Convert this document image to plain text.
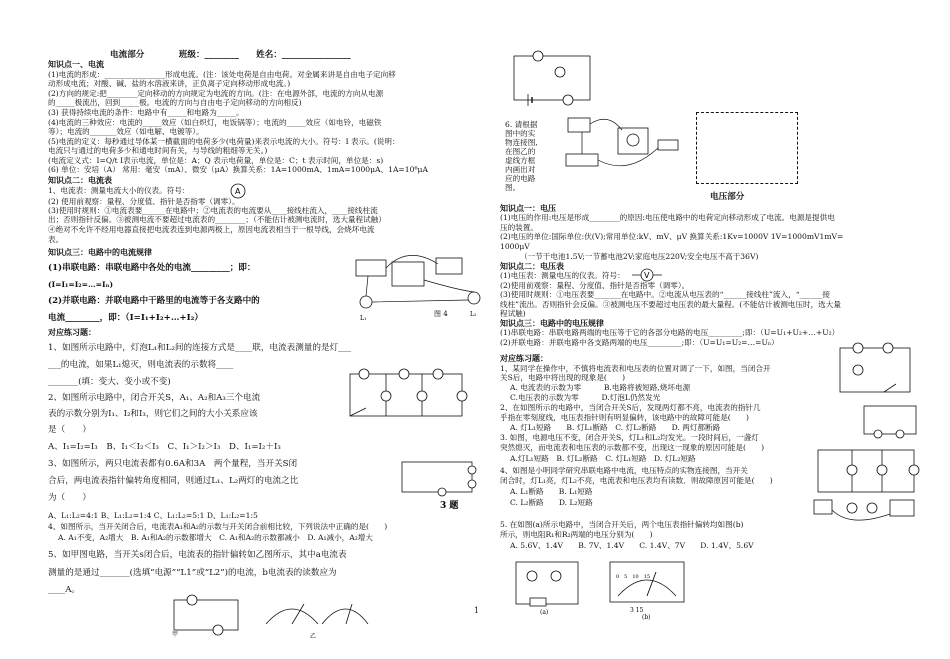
电流部分　　　　班级：________　　姓名：________________
知识点一、电流
(1)电流的形成：________________形成电流。(注：该处电荷是自由电荷。对金属来讲是自由电子定向移
动形成电流；对酸、碱、盐的水溶液来讲，正负离子定向移动形成电流。)
(2)方向的规定:把________定向移动的方向规定为电流的方向。(注：在电源外部，电流的方向从电源
的_____极流出，回到_____极。电流的方向与自由电子定向移动的方向相反)
(3) 获得持续电流的条件：电路中有_____和电路为_____。
(4)电流的三种效应：电流的_____效应（如白炽灯，电饭锅等）；电流的_____效应（如电铃，电磁铁
等）；电流的_______效应（如电解、电镀等）。
(5)电流的定义：每秒通过导体某一横截面的电荷多少(电荷量)来表示电流的大小。符号：I 表示。(说明：
电流只与通过的电荷多少和通电时间有关，与导线的粗细等无关。)
(电流定义式：I=Q/t I表示电流，单位是：A；Q 表示电荷量，单位是：C；t 表示时间，单位是：s)
(6) 单位：安培（A） 常用：毫安（mA）、微安（μA）换算关系：1A=1000mA、1mA=1000μA、1A=10⁶μA
知识点二：电流表
1、电流表：测量电流大小的仪表。符号：	A
(2) 使用前观察：量程、分度值、指针是否指零（调零）。
(3)使用时规则：①电流表要______在电路中；②电流表的电流要从____接线柱流入，____接线柱流
出；否则指针反偏。③被测电流不要超过电流表的________；（不能估计被测电流时，选大量程试触）
④绝对不允许不经用电器直接把电流表连到电源两极上，原因电流表相当于一根导线，会烧坏电流
表。
知识点三：电路中的电流规律
(1)串联电路：串联电路中各处的电流_________；即：
(I=I₁=I₂=…=Iₙ)
(2)并联电路：并联电路中干路里的电流等于各支路中的
电流________，即：（I=I₁+I₂+…+I₂）	L₁
L₂
图 4
对应练习题：
1、如图所示电路中，灯泡L₁和L₂间的连接方式是____联，电流表测量的是灯___
___的电流，如果L₁熄灭，则电流表的示数将____
_______(填：变大、变小或不变)
2、如图所示电路中，闭合开关S，A₁、A₂和A₃三个电流
表的示数分别为I₁、I₂和I₃，则它们之间的大小关系应该
是（　　）
A、I₁=I₂=I₃　B、I₁＜I₂＜I₃　C、I₁＞I₂＞I₃　D、I₁=I₂＋I₃
3、如图所示，两只电流表都有0.6A和3A　两个量程，当开关S闭
合后，两电流表指针偏转角度相同，则通过L₁、L₂两灯的电流之比
为（　　）
3 题
A、L₁:L₂=4:1 B、L₁:L₂=1:4 C、L₁:L₂=5:1 D、L₁:L₂=1:5
4、如图所示，当开关闭合后，电流表A₁和A₂的示数与开关闭合前相比较，下列说法中正确的是(　　)
A. A₁不变，A₂增大　B. A₁和A₂的示数都增大　C. A₁和A₂的示数都减小　D. A₁减小，A₂增大
5、如甲图电路，当开关s闭合后，电流表的指针偏转如乙图所示，其中a电流表
测量的是通过_______(选填“电源”“L1”或“L2”)的电流，b电流表的读数应为
____A。
甲	乙
6. 请根据
图中的实
物连接图,
在图乙的
虚线方框
内画出对
应的电路
图。
电压部分
知识点一：电压
(1)电压的作用:电压是形成________的原因:电压使电路中的电荷定向移动形成了电流。电源是提供电
压的装置。
(2)电压的单位:国际单位:伏(V);常用单位:kV、mV、μV 换算关系:1Kv=1000V 1V=1000mV1mV=
1000μV
（一节干电池1.5V;一节蓄电池2V;家庭电压220V;安全电压不高于36V)
知识点二：电压表
(1)电压表：测量电压的仪表。符号： V
(2)使用前观察：量程、分度值、指针是否指零（调零）。
(3)使用时规则：①电压表要_______在电路中。②电流从电压表的“______接线柱”流入，“______接
线柱”流出。否则指针会反偏。③被测电压不要超过电压表的最大量程。(不能估计被测电压时，选大量
程试触)
知识点三：电路中的电压规律
(1)串联电路：串联电路两端的电压等于它的各部分电路的电压_________;即：（U=U₁+U₂+…+U₂）
(2)并联电路：并联电路中各支路两端的电压_________;即：（U=U₁=U₂=…=Uₙ）
对应练习题：
1、某同学在操作中，不慎将电流表和电压表的位置对调了一下，如图，当闭合开
关S后，电路中将出现的现象是(　　)
A. 电流表的示数为零　　　B.电路将被短路,烧坏电源
C.电压表的示数为零　　　D.灯泡L仍然发光
2、在如图所示的电路中，当闭合开关S后，发现两灯都不亮，电流表的指针几
乎指在零刻度线，电压表指针则有明显偏转，该电路中的故障可能是(　　)
A. 灯L₁短路　　B. 灯L₁断路　C. 灯L₂断路　　D. 两灯都断路
3. 如图，电源电压不变，闭合开关S，灯L₁和L₂均发光。一段时间后，一盏灯
突然熄灭，而电流表和电压表的示数都不变，出现这一现象的原因可能是(　　)
A.灯L₁短路　B. 灯L₂断路　C. 灯L₁短路　D. 灯L₂短路
4、如图是小明同学研究串联电路中电流，电压特点的实物连接图，当开关
闭合时，灯L₁亮，灯L₂不亮，电流表和电压表均有读数．则故障原因可能是(　　)
A. L₁断路　　B. L₁短路
C. L₂断路　　D. L₂短路
5. 在如图(a)所示电路中，当闭合开关后，两个电压表指针偏转均如图(b)
所示，则电阻R₁和R₂两端的电压分别为(　　)
A. 5.6V、1.4V　　B. 7V、1.4V　　C. 1.4V、7V　　D. 1.4V、5.6V
(a)
0　5　10　15
3 15
(b)
1
